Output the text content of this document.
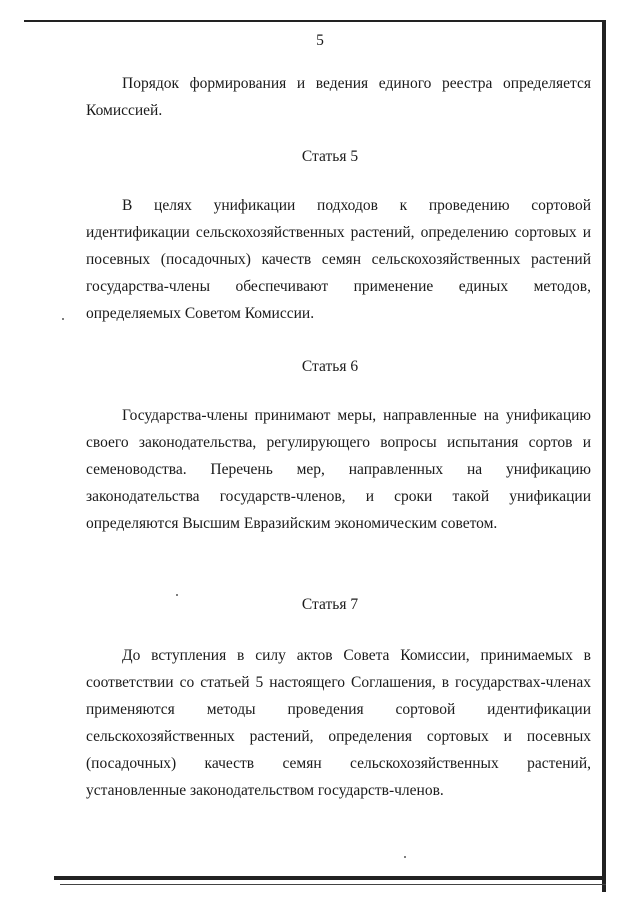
5
Порядок формирования и ведения единого реестра определяется Комиссией.
Статья 5
В целях унификации подходов к проведению сортовой идентификации сельскохозяйственных растений, определению сортовых и посевных (посадочных) качеств семян сельскохозяйственных растений государства-члены обеспечивают применение единых методов, определяемых Советом Комиссии.
Статья 6
Государства-члены принимают меры, направленные на унификацию своего законодательства, регулирующего вопросы испытания сортов и семеноводства. Перечень мер, направленных на унификацию законодательства государств-членов, и сроки такой унификации определяются Высшим Евразийским экономическим советом.
Статья 7
До вступления в силу актов Совета Комиссии, принимаемых в соответствии со статьей 5 настоящего Соглашения, в государствах-членах применяются методы проведения сортовой идентификации сельскохозяйственных растений, определения сортовых и посевных (посадочных) качеств семян сельскохозяйственных растений, установленные законодательством государств-членов.
